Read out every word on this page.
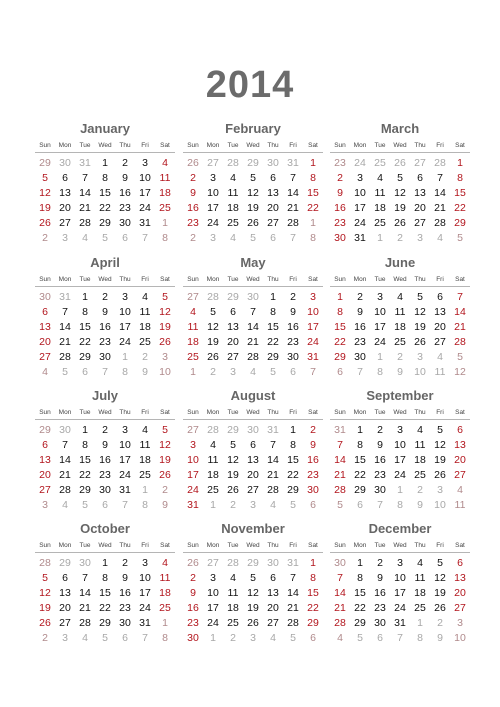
2014
January
Sun	Mon	Tue	Wed	Thu	Fri	Sat
29 30 31	1	2	3	4
5	6	7	8	9	10 11
12 13 14 15 16 17 18
19 20 21 22 23 24 25
26 27 28 29 30 31	1
2	3	4	5	6	7	8
February
Sun	Mon	Tue	Wed	Thu	Fri	Sat
26 27 28 29 30 31	1
2	3	4	5	6	7	8
9	10 11 12 13 14 15
16 17 18 19 20 21 22
23 24 25 26 27 28	1
2	3	4	5	6	7	8
March
Sun	Mon	Tue	Wed	Thu	Fri	Sat
23 24 25 26 27 28	1
2	3	4	5	6	7	8
9	10 11 12 13 14 15
16 17 18 19 20 21 22
23 24 25 26 27 28 29
30 31	1	2	3	4	5
April
Sun	Mon	Tue	Wed	Thu	Fri	Sat
30 31	1	2	3	4	5
6	7	8	9	10 11 12
13 14 15 16 17 18 19
20 21 22 23 24 25 26
27 28 29 30	1	2	3
4	5	6	7	8	9	10
May
Sun	Mon	Tue	Wed	Thu	Fri	Sat
27 28 29 30	1	2	3
4	5	6	7	8	9	10
11 12 13 14 15 16 17
18 19 20 21 22 23 24
25 26 27 28 29 30 31
1	2	3	4	5	6	7
June
Sun	Mon	Tue	Wed	Thu	Fri	Sat
1	2	3	4	5	6	7
8	9	10 11 12 13 14
15 16 17 18 19 20 21
22 23 24 25 26 27 28
29 30	1	2	3	4	5
6	7	8	9	10 11 12
July
Sun	Mon	Tue	Wed	Thu	Fri	Sat
29 30	1	2	3	4	5
6	7	8	9	10 11 12
13 14 15 16 17 18 19
20 21 22 23 24 25 26
27 28 29 30 31	1	2
3	4	5	6	7	8	9
August
Sun	Mon	Tue	Wed	Thu	Fri	Sat
27 28 29 30 31	1	2
3	4	5	6	7	8	9
10 11 12 13 14 15 16
17 18 19 20 21 22 23
24 25 26 27 28 29 30
31	1	2	3	4	5	6
September
Sun	Mon	Tue	Wed	Thu	Fri	Sat
31	1	2	3	4	5	6
7	8	9	10 11 12 13
14 15 16 17 18 19 20
21 22 23 24 25 26 27
28 29 30	1	2	3	4
5	6	7	8	9	10 11
October
Sun	Mon	Tue	Wed	Thu	Fri	Sat
28 29 30	1	2	3	4
5	6	7	8	9	10 11
12 13 14 15 16 17 18
19 20 21 22 23 24 25
26 27 28 29 30 31	1
2	3	4	5	6	7	8
November
Sun	Mon	Tue	Wed	Thu	Fri	Sat
26 27 28 29 30 31	1
2	3	4	5	6	7	8
9	10 11 12 13 14 15
16 17 18 19 20 21 22
23 24 25 26 27 28 29
30	1	2	3	4	5	6
December
Sun	Mon	Tue	Wed	Thu	Fri	Sat
30	1	2	3	4	5	6
7	8	9	10 11 12 13
14 15 16 17 18 19 20
21 22 23 24 25 26 27
28 29 30 31	1	2	3
4	5	6	7	8	9	10
